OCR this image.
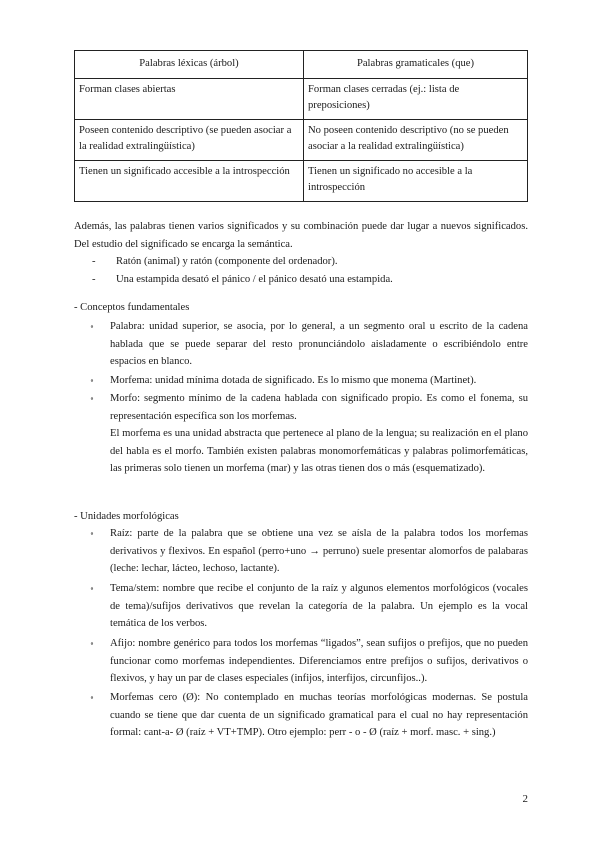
Palabras léxicas (árbol)	Palabras gramaticales (que)
Forman clases abiertas	Forman clases cerradas (ej.: lista de preposiciones)
Poseen contenido descriptivo (se pueden asociar a la realidad extralingüística)	No poseen contenido descriptivo (no se pueden asociar a la realidad extralingüística)
Tienen un significado accesible a la introspección	Tienen un significado no accesible a la introspección
Además, las palabras tienen varios significados y su combinación puede dar lugar a nuevos significados. Del estudio del significado se encarga la semántica.
- Ratón (animal) y ratón (componente del ordenador).
- Una estampida desató el pánico / el pánico desató una estampida.
- Conceptos fundamentales
∘ Palabra: unidad superior, se asocia, por lo general, a un segmento oral u escrito de la cadena hablada que se puede separar del resto pronunciándolo aisladamente o escribiéndolo entre espacios en blanco.
∘ Morfema: unidad mínima dotada de significado. Es lo mismo que monema (Martinet).
∘ Morfo: segmento mínimo de la cadena hablada con significado propio. Es como el fonema, su representación específica son los morfemas.
El morfema es una unidad abstracta que pertenece al plano de la lengua; su realización en el plano del habla es el morfo. También existen palabras monomorfemáticas y palabras polimorfemáticas, las primeras solo tienen un morfema (mar) y las otras tienen dos o más (esquematizado).
- Unidades morfológicas
∘ Raíz: parte de la palabra que se obtiene una vez se aísla de la palabra todos los morfemas derivativos y flexivos. En español (perro+uno → perruno) suele presentar alomorfos de palabaras (leche: lechar, lácteo, lechoso, lactante).
∘ Tema/stem: nombre que recibe el conjunto de la raíz y algunos elementos morfológicos (vocales de tema)/sufijos derivativos que revelan la categoría de la palabra. Un ejemplo es la vocal temática de los verbos.
∘ Afijo: nombre genérico para todos los morfemas “ligados”, sean sufijos o prefijos, que no pueden funcionar como morfemas independientes. Diferenciamos entre prefijos o sufijos, derivativos o flexivos, y hay un par de clases especiales (infijos, interfijos, circunfijos..).
∘ Morfemas cero (Ø): No contemplado en muchas teorías morfológicas modernas. Se postula cuando se tiene que dar cuenta de un significado gramatical para el cual no hay representación formal: cant-a- Ø (raíz + VT+TMP). Otro ejemplo: perr - o - Ø (raíz + morf. masc. + sing.)
2
